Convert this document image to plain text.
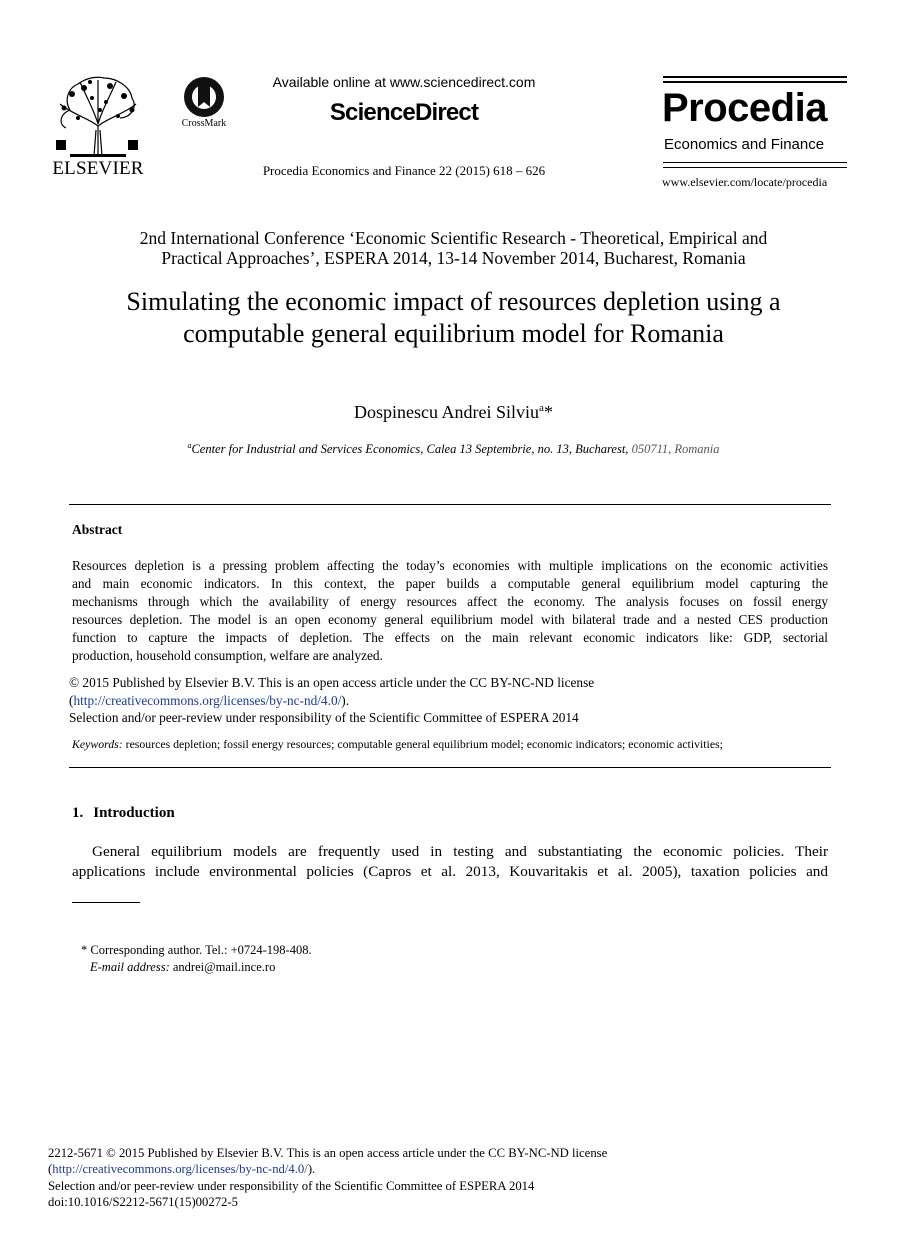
ELSEVIER
CrossMark
Available online at www.sciencedirect.com
ScienceDirect
Procedia Economics and Finance 22 (2015) 618 – 626
Procedia
Economics and Finance
www.elsevier.com/locate/procedia
2nd International Conference ‘Economic Scientific Research - Theoretical, Empirical and
Practical Approaches’, ESPERA 2014, 13-14 November 2014, Bucharest, Romania
Simulating the economic impact of resources depletion using a
computable general equilibrium model for Romania
Dospinescu Andrei Silviu$^a$*
$^a$Center for Industrial and Services Economics, Calea 13 Septembrie, no. 13, Bucharest, 050711, Romania
Abstract
Resources depletion is a pressing problem affecting the today’s economies with multiple implications on the economic activities
and main economic indicators. In this context, the paper builds a computable general equilibrium model capturing the
mechanisms through which the availability of energy resources affect the economy. The analysis focuses on fossil energy
resources depletion. The model is an open economy general equilibrium model with bilateral trade and a nested CES production
function to capture the impacts of depletion. The effects on the main relevant economic indicators like: GDP, sectorial
production, household consumption, welfare are analyzed.
© 2015 Published by Elsevier B.V. This is an open access article under the CC BY-NC-ND license
(http://creativecommons.org/licenses/by-nc-nd/4.0/).
Selection and/or peer-review under responsibility of the Scientific Committee of ESPERA 2014
Keywords: resources depletion; fossil energy resources; computable general equilibrium model; economic indicators; economic activities;
1. Introduction
General equilibrium models are frequently used in testing and substantiating the economic policies. Their
applications include environmental policies (Capros et al. 2013, Kouvaritakis et al. 2005), taxation policies and
* Corresponding author. Tel.: +0724-198-408.
E-mail address: andrei@mail.ince.ro
2212-5671 © 2015 Published by Elsevier B.V. This is an open access article under the CC BY-NC-ND license
(http://creativecommons.org/licenses/by-nc-nd/4.0/).
Selection and/or peer-review under responsibility of the Scientific Committee of ESPERA 2014
doi:10.1016/S2212-5671(15)00272-5
